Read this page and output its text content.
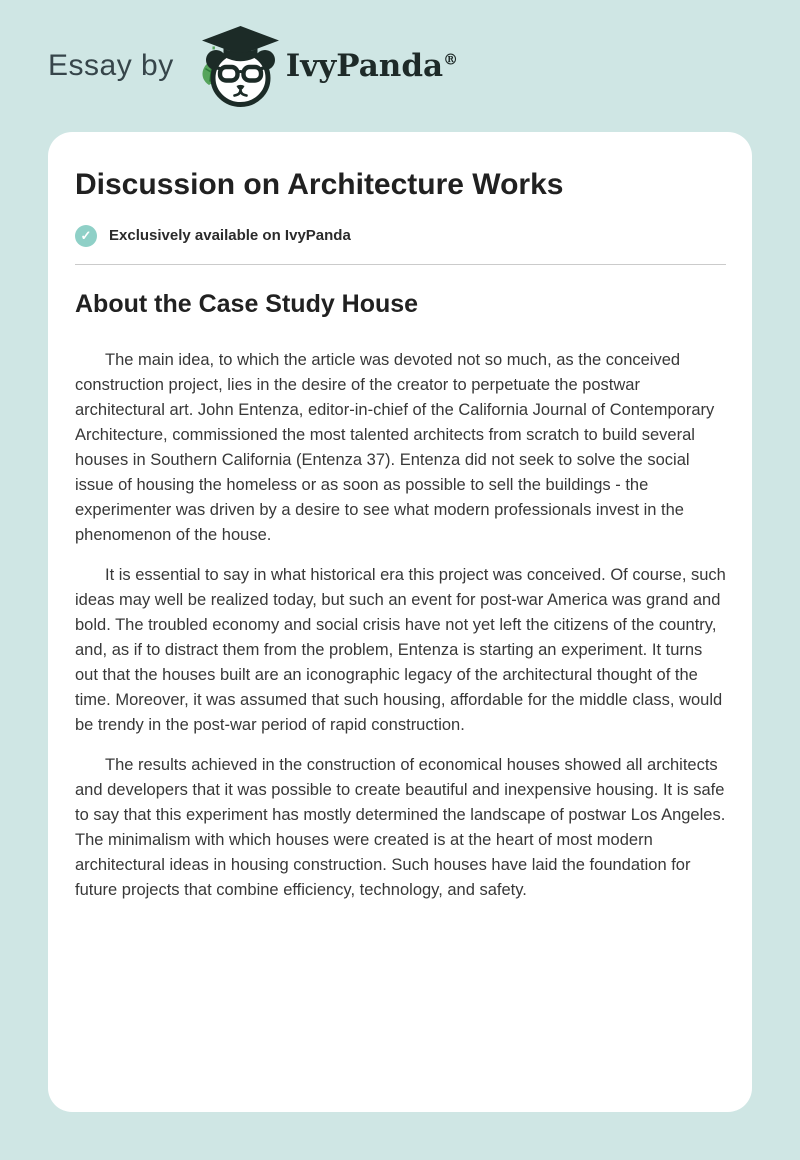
Essay by	IvyPanda®
Discussion on Architecture Works
✓	Exclusively available on IvyPanda
About the Case Study House

The main idea, to which the article was devoted not so much, as the conceived construction project, lies in the desire of the creator to perpetuate the postwar architectural art. John Entenza, editor-in-chief of the California Journal of Contemporary Architecture, commissioned the most talented architects from scratch to build several houses in Southern California (Entenza 37). Entenza did not seek to solve the social issue of housing the homeless or as soon as possible to sell the buildings - the experimenter was driven by a desire to see what modern professionals invest in the phenomenon of the house.

It is essential to say in what historical era this project was conceived. Of course, such ideas may well be realized today, but such an event for post-war America was grand and bold. The troubled economy and social crisis have not yet left the citizens of the country, and, as if to distract them from the problem, Entenza is starting an experiment. It turns out that the houses built are an iconographic legacy of the architectural thought of the time. Moreover, it was assumed that such housing, affordable for the middle class, would be trendy in the post-war period of rapid construction.

The results achieved in the construction of economical houses showed all architects and developers that it was possible to create beautiful and inexpensive housing. It is safe to say that this experiment has mostly determined the landscape of postwar Los Angeles. The minimalism with which houses were created is at the heart of most modern architectural ideas in housing construction. Such houses have laid the foundation for future projects that combine efficiency, technology, and safety.
